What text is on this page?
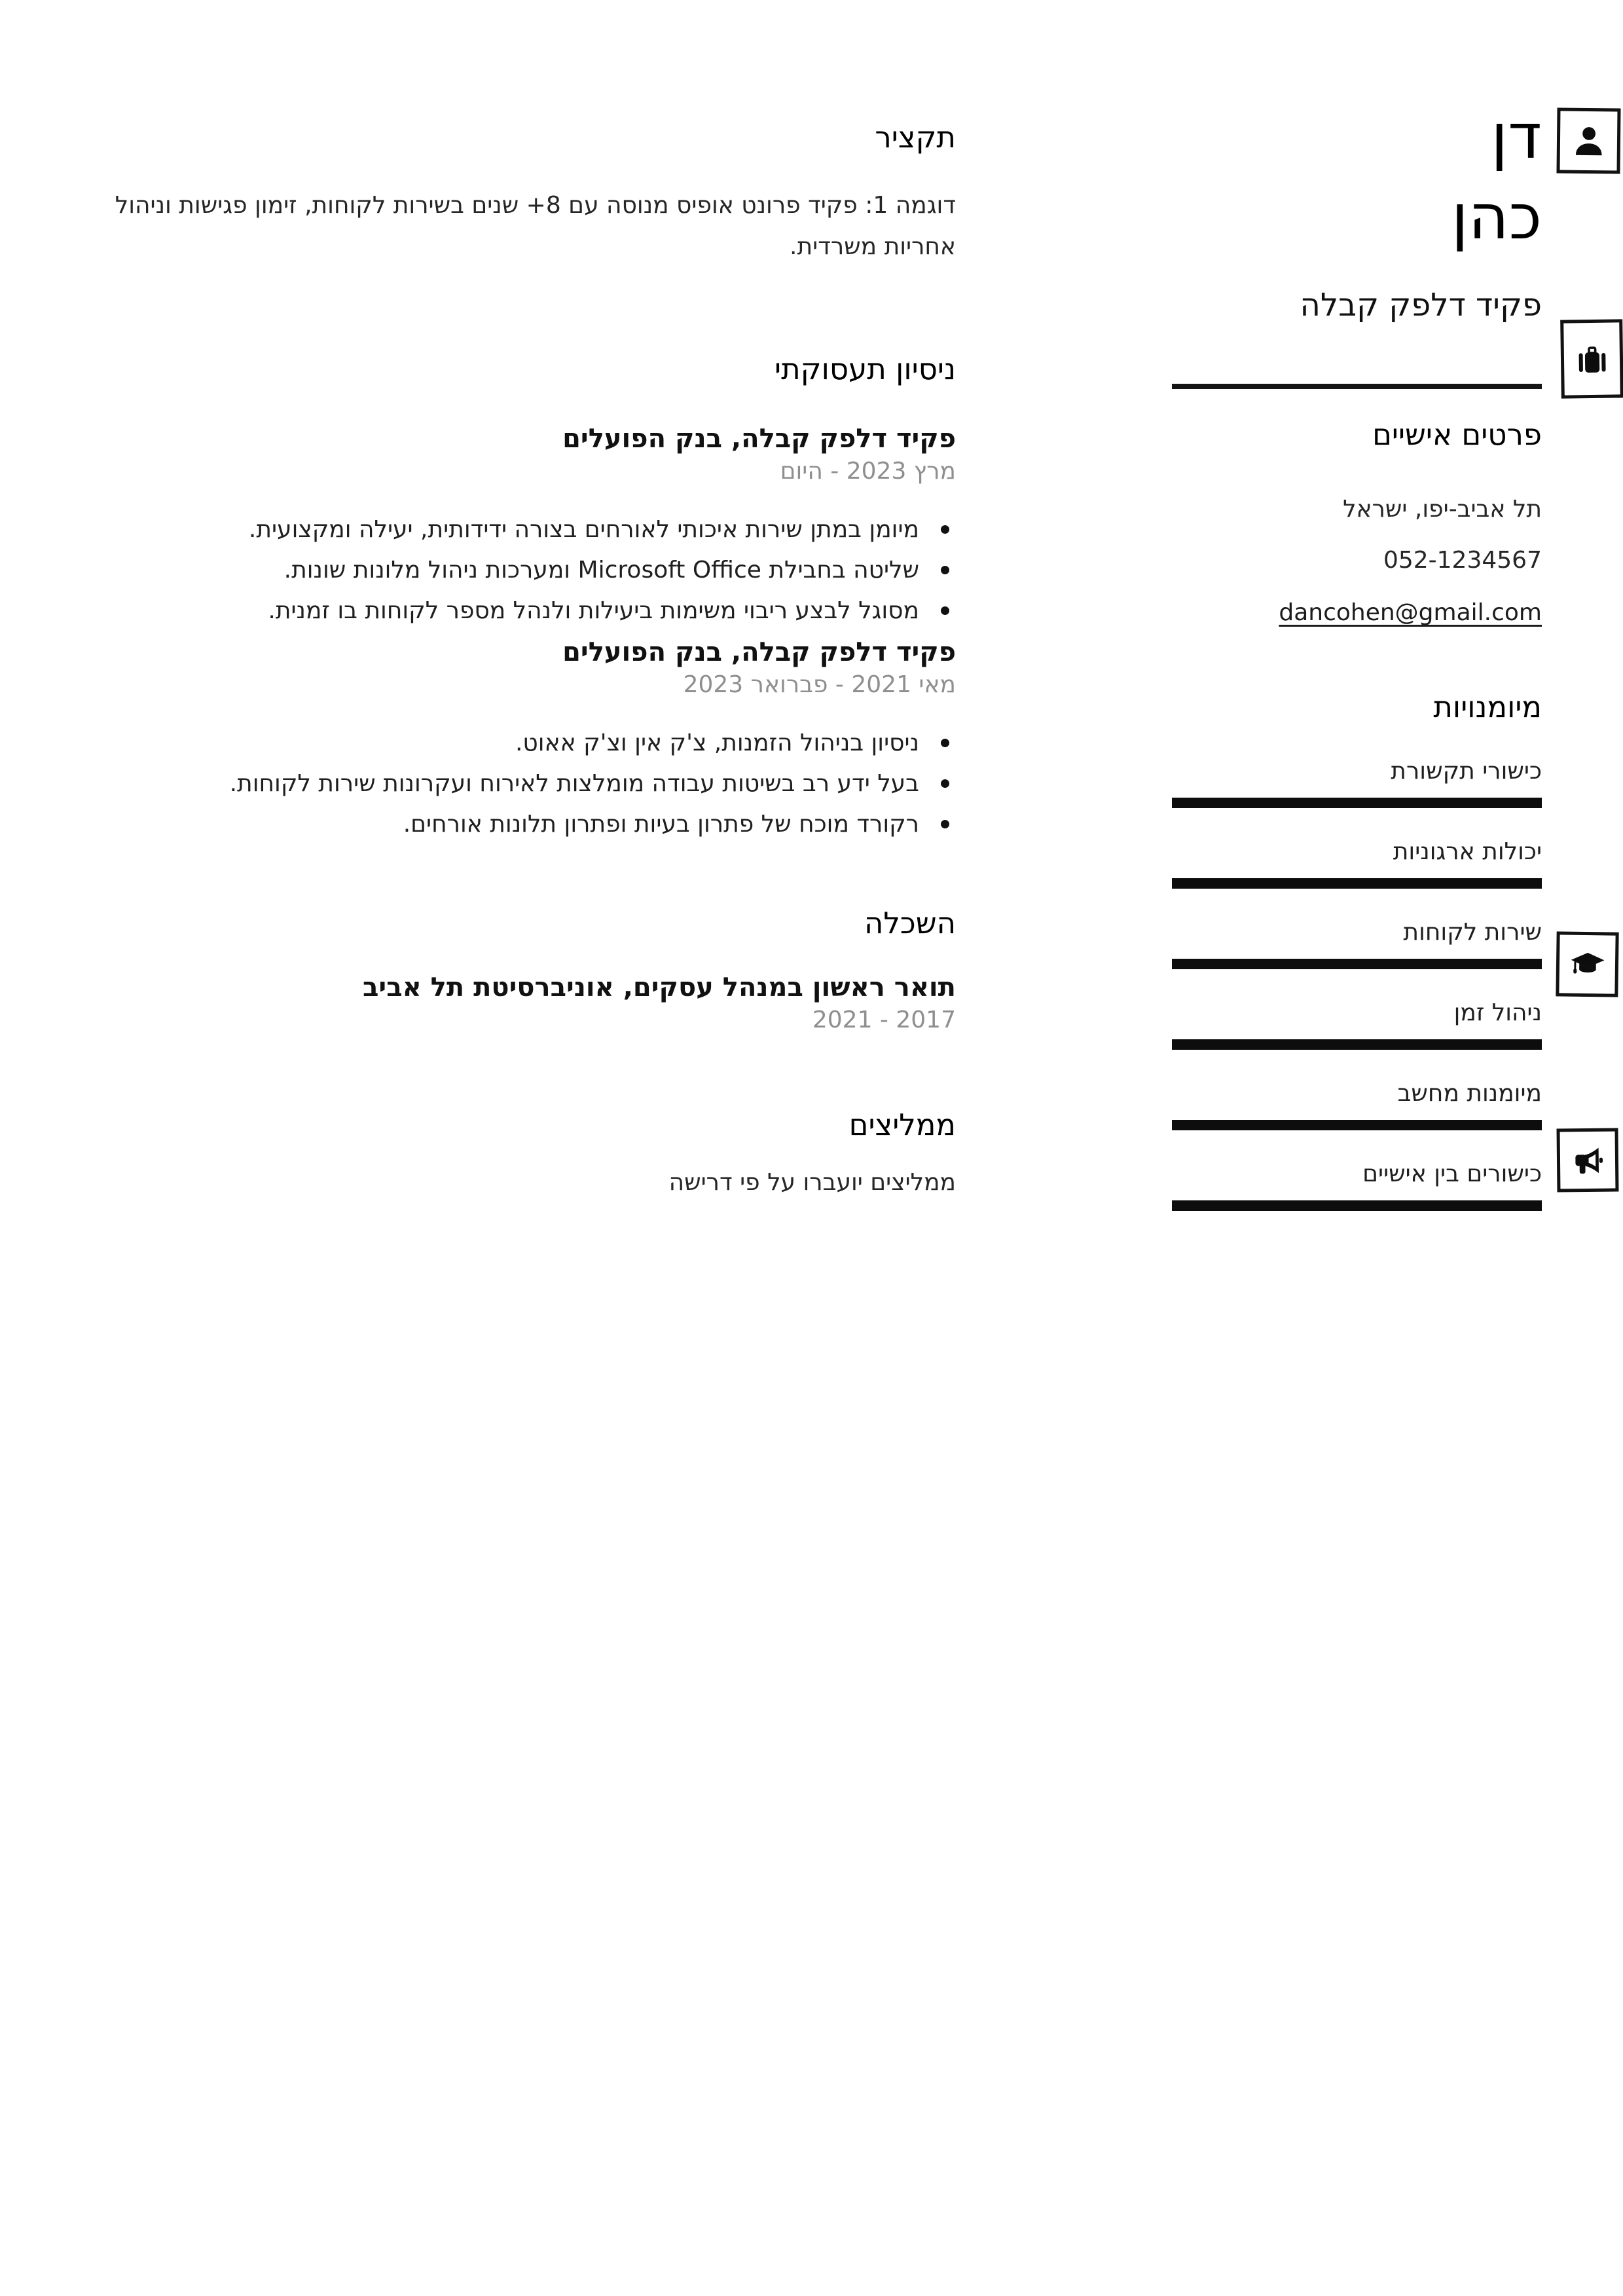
דן
כהן
פקיד דלפק קבלה
פרטים אישיים
תל אביב-יפו, ישראל
052-1234567
dancohen@gmail.com
מיומנויות
כישורי תקשורת
יכולות ארגוניות
שירות לקוחות
ניהול זמן
מיומנות מחשב
כישורים בין אישיים
תקציר

דוגמה 1: פקיד פרונט אופיס מנוסה עם 8+ שנים בשירות לקוחות, זימון פגישות וניהול אחריות משרדית.

ניסיון תעסוקתי
פקיד דלפק קבלה, בנק הפועלים
מרץ 2023 - היום
מיומן במתן שירות איכותי לאורחים בצורה ידידותית, יעילה ומקצועית.
שליטה בחבילת Microsoft Office ומערכות ניהול מלונות שונות.
מסוגל לבצע ריבוי משימות ביעילות ולנהל מספר לקוחות בו זמנית.
פקיד דלפק קבלה, בנק הפועלים
מאי 2021 - פברואר 2023
ניסיון בניהול הזמנות, צ'ק אין וצ'ק אאוט.
בעל ידע רב בשיטות עבודה מומלצות לאירוח ועקרונות שירות לקוחות.
רקורד מוכח של פתרון בעיות ופתרון תלונות אורחים.
השכלה
תואר ראשון במנהל עסקים, אוניברסיטת תל אביב
2017 - 2021
ממליצים

ממליצים יועברו על פי דרישה
